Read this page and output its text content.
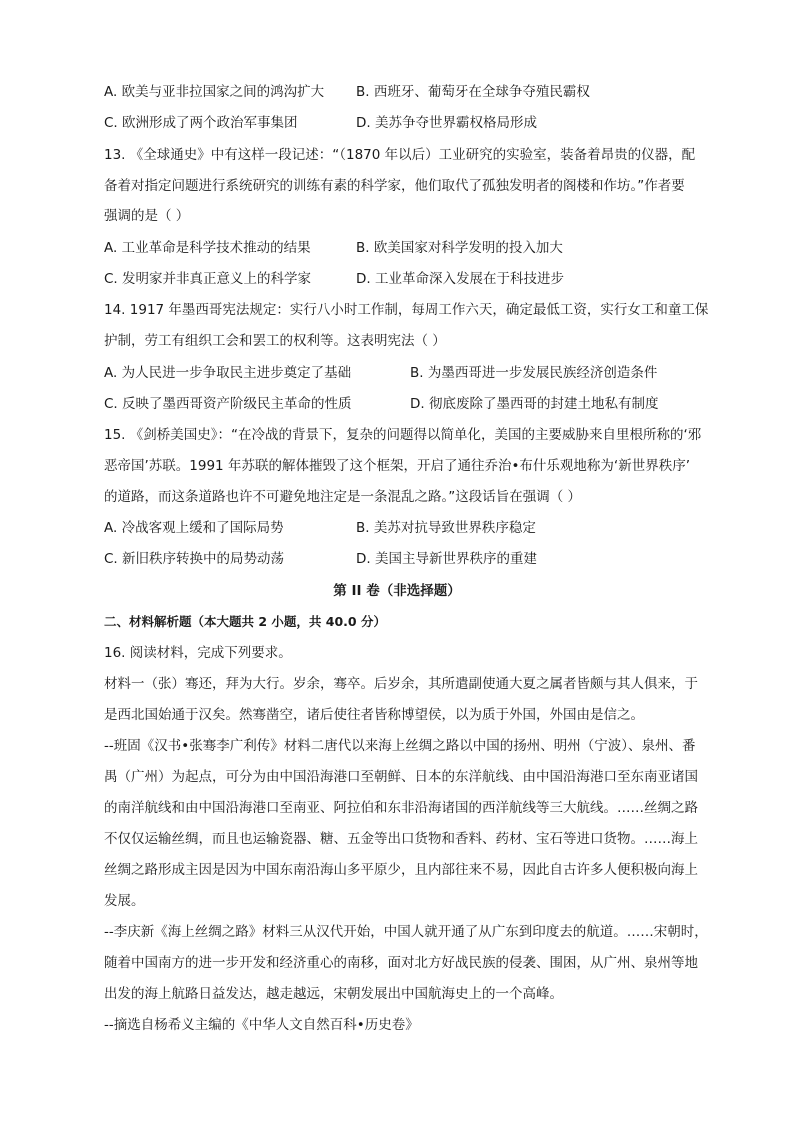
A. 欧美与亚非拉国家之间的鸿沟扩大 B. 西班牙、葡萄牙在全球争夺殖民霸权
C. 欧洲形成了两个政治军事集团	D. 美苏争夺世界霸权格局形成
13. 《全球通史》中有这样一段记述：“（1870 年以后）工业研究的实验室，装备着昂贵的仪器，配
备着对指定问题进行系统研究的训练有素的科学家，他们取代了孤独发明者的阁楼和作坊。”作者要
强调的是（ ）
A. 工业革命是科学技术推动的结果	B. 欧美国家对科学发明的投入加大
C. 发明家并非真正意义上的科学家	D. 工业革命深入发展在于科技进步
14. 1917 年墨西哥宪法规定：实行八小时工作制，每周工作六天，确定最低工资，实行女工和童工保
护制，劳工有组织工会和罢工的权利等。这表明宪法（ ）
A. 为人民进一步争取民主进步奠定了基础	B. 为墨西哥进一步发展民族经济创造条件
C. 反映了墨西哥资产阶级民主革命的性质	D. 彻底废除了墨西哥的封建土地私有制度
15. 《剑桥美国史》：“在冷战的背景下，复杂的问题得以简单化，美国的主要威胁来自里根所称的‘邪
恶帝国’苏联。1991 年苏联的解体摧毁了这个框架，开启了通往乔治•布什乐观地称为‘新世界秩序’
的道路，而这条道路也许不可避免地注定是一条混乱之路。”这段话旨在强调（ ）
A. 冷战客观上缓和了国际局势	B. 美苏对抗导致世界秩序稳定
C. 新旧秩序转换中的局势动荡	D. 美国主导新世界秩序的重建
第 II 卷（非选择题）
二、材料解析题（本大题共 2 小题，共 40.0 分）
16. 阅读材料，完成下列要求。
材料一（张）骞还，拜为大行。岁余，骞卒。后岁余，其所遣副使通大夏之属者皆颇与其人俱来，于
是西北国始通于汉矣。然骞凿空，诸后使往者皆称博望侯，以为质于外国，外国由是信之。
--班固《汉书•张骞李广利传》材料二唐代以来海上丝绸之路以中国的扬州、明州（宁波）、泉州、番
禺（广州）为起点，可分为由中国沿海港口至朝鲜、日本的东洋航线、由中国沿海港口至东南亚诸国
的南洋航线和由中国沿海港口至南亚、阿拉伯和东非沿海诸国的西洋航线等三大航线。……丝绸之路
不仅仅运输丝绸，而且也运输瓷器、糖、五金等出口货物和香料、药材、宝石等进口货物。……海上
丝绸之路形成主因是因为中国东南沿海山多平原少，且内部往来不易，因此自古许多人便积极向海上
发展。
--李庆新《海上丝绸之路》材料三从汉代开始，中国人就开通了从广东到印度去的航道。……宋朝时，
随着中国南方的进一步开发和经济重心的南移，面对北方好战民族的侵袭、围困，从广州、泉州等地
出发的海上航路日益发达，越走越远，宋朝发展出中国航海史上的一个高峰。
--摘选自杨希义主编的《中华人文自然百科•历史卷》
